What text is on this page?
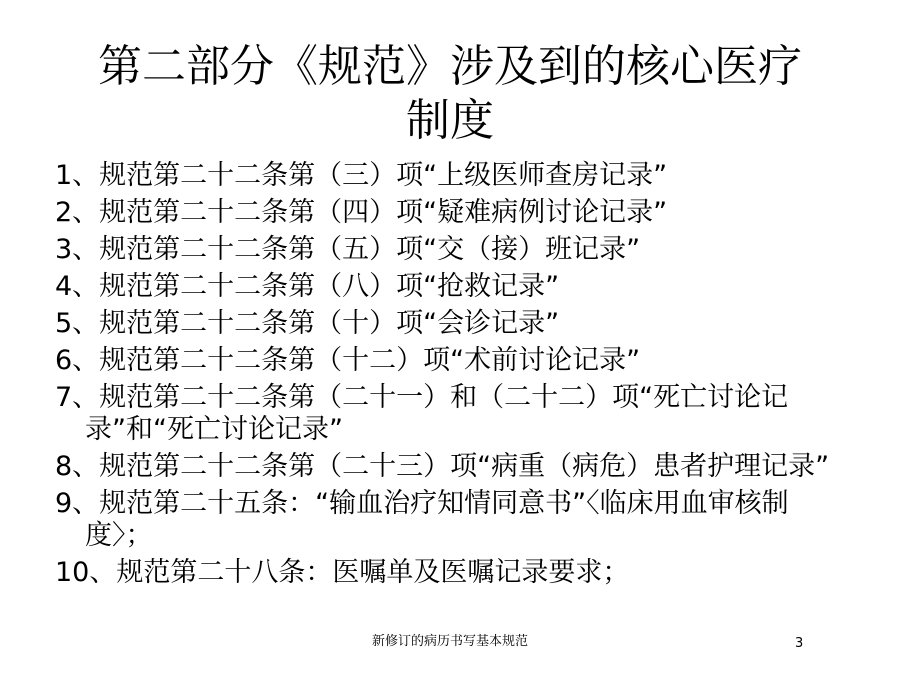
第二部分《规范》涉及到的核心医疗
制度
1、规范第二十二条第（三）项“上级医师查房记录”
2、规范第二十二条第（四）项“疑难病例讨论记录”
3、规范第二十二条第（五）项“交（接）班记录”
4、规范第二十二条第（八）项“抢救记录”
5、规范第二十二条第（十）项“会诊记录”
6、规范第二十二条第（十二）项“术前讨论记录”
7、规范第二十二条第（二十一）和（二十二）项“死亡讨论记录”和“死亡讨论记录”
8、规范第二十二条第（二十三）项“病重（病危）患者护理记录”
9、规范第二十五条：“输血治疗知情同意书”〈临床用血审核制度〉；
10、规范第二十八条：医嘱单及医嘱记录要求；
新修订的病历书写基本规范	3
